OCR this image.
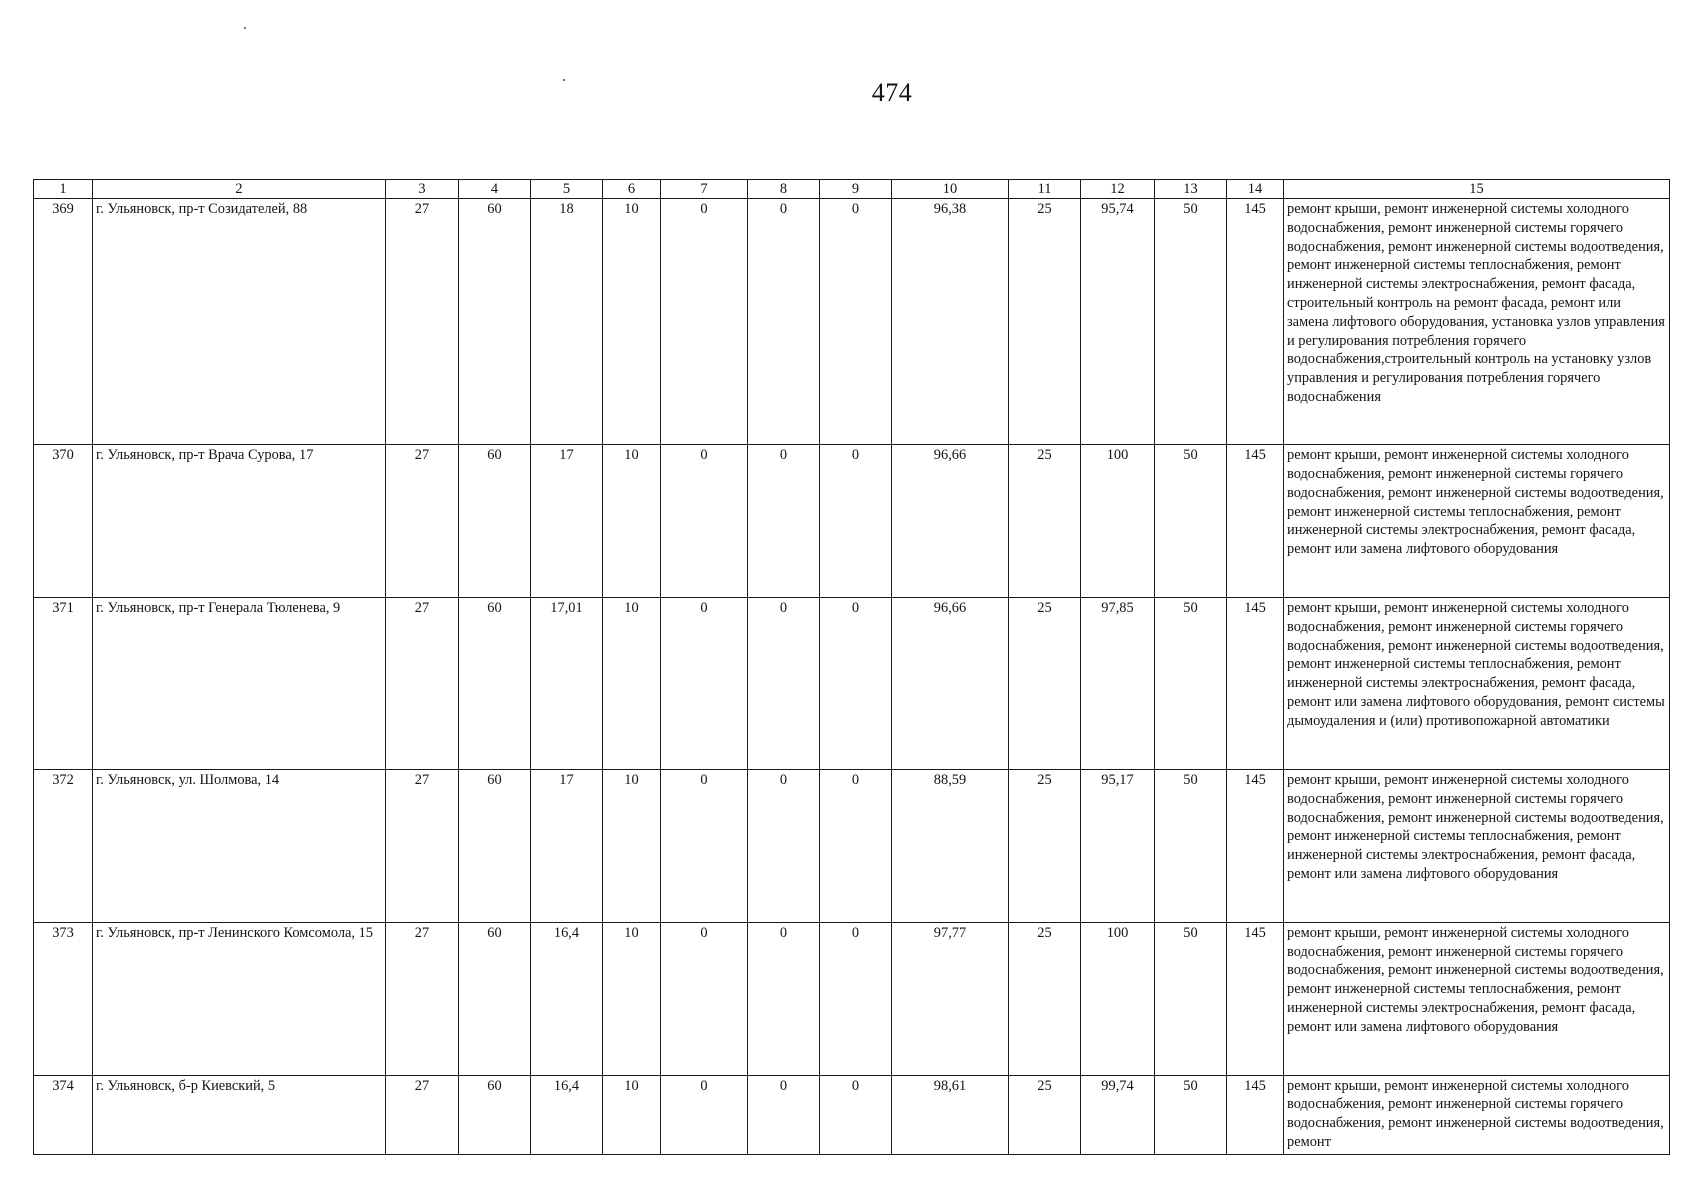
474
1	2	3	4	5	6	7	8	9	10	11	12	13	14	15
369	г. Ульяновск, пр-т Созидателей, 88	27	60	18	10	0	0	0	96,38	25	95,74	50	145	ремонт крыши, ремонт инженерной системы холодного водоснабжения, ремонт инженерной системы горячего водоснабжения, ремонт инженерной системы водоотведения, ремонт инженерной системы теплоснабжения, ремонт инженерной системы электроснабжения, ремонт фасада, строительный контроль на ремонт фасада, ремонт или замена лифтового оборудования, установка узлов управления и регулирования потребления горячего водоснабжения,строительный контроль на установку узлов управления и регулирования потребления горячего водоснабжения
370	г. Ульяновск, пр-т Врача Сурова, 17	27	60	17	10	0	0	0	96,66	25	100	50	145	ремонт крыши, ремонт инженерной системы холодного водоснабжения, ремонт инженерной системы горячего водоснабжения, ремонт инженерной системы водоотведения, ремонт инженерной системы теплоснабжения, ремонт инженерной системы электроснабжения, ремонт фасада, ремонт или замена лифтового оборудования
371	г. Ульяновск, пр-т Генерала Тюленева, 9	27	60	17,01	10	0	0	0	96,66	25	97,85	50	145	ремонт крыши, ремонт инженерной системы холодного водоснабжения, ремонт инженерной системы горячего водоснабжения, ремонт инженерной системы водоотведения, ремонт инженерной системы теплоснабжения, ремонт инженерной системы электроснабжения, ремонт фасада, ремонт или замена лифтового оборудования, ремонт системы дымоудаления и (или) противопожарной автоматики
372	г. Ульяновск, ул. Шолмова, 14	27	60	17	10	0	0	0	88,59	25	95,17	50	145	ремонт крыши, ремонт инженерной системы холодного водоснабжения, ремонт инженерной системы горячего водоснабжения, ремонт инженерной системы водоотведения, ремонт инженерной системы теплоснабжения, ремонт инженерной системы электроснабжения, ремонт фасада, ремонт или замена лифтового оборудования
373	г. Ульяновск, пр-т Ленинского Комсомола, 15	27	60	16,4	10	0	0	0	97,77	25	100	50	145	ремонт крыши, ремонт инженерной системы холодного водоснабжения, ремонт инженерной системы горячего водоснабжения, ремонт инженерной системы водоотведения, ремонт инженерной системы теплоснабжения, ремонт инженерной системы электроснабжения, ремонт фасада, ремонт или замена лифтового оборудования
374	г. Ульяновск, б-р Киевский, 5	27	60	16,4	10	0	0	0	98,61	25	99,74	50	145	ремонт крыши, ремонт инженерной системы холодного водоснабжения, ремонт инженерной системы горячего водоснабжения, ремонт инженерной системы водоотведения, ремонт
